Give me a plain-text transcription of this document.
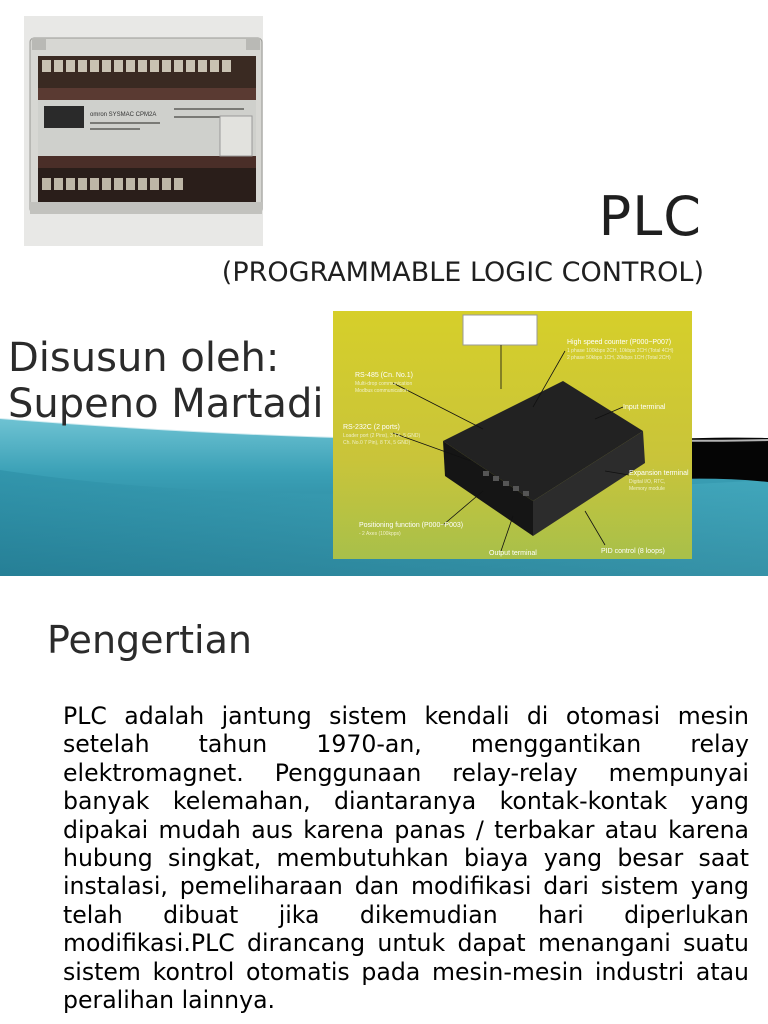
omron SYSMAC CPM2A
PLC

(PROGRAMMABLE LOGIC CONTROL)

High speed counter (P000~P007)
1 phase 100kbps 2CH, 10kbps 2CH (Total 4CH)
2 phase 50kbps 1CH, 20kbps 1CH (Total 2CH)
RS-485 (Cn. No.1)
Multi-drop communication
Modbus communication
Input terminal
RS-232C (2 ports)
Loader port (2 Pins), 3 TX, 5 GND)
Ch. No.0 7 Pin), 8 TX, 5 GND)
Expansion terminal
Digital I/O, RTC,
Memory module
Positioning function (P000~P003)
- 2 Axes (100kpps)
Output terminal	PID control (8 loops)
Disusun oleh:
Supeno Martadi
Pengertian

PLC adalah jantung sistem kendali di otomasi mesin setelah tahun 1970-an, menggantikan relay elektromagnet. Penggunaan relay-relay mempunyai banyak kelemahan, diantaranya kontak-kontak yang dipakai mudah aus karena panas / terbakar atau karena hubung singkat, membutuhkan biaya yang besar saat instalasi, pemeliharaan dan modifikasi dari sistem yang telah dibuat jika dikemudian hari diperlukan modifikasi.PLC dirancang untuk dapat menangani suatu sistem kontrol otomatis pada mesin-mesin industri atau peralihan lainnya.
